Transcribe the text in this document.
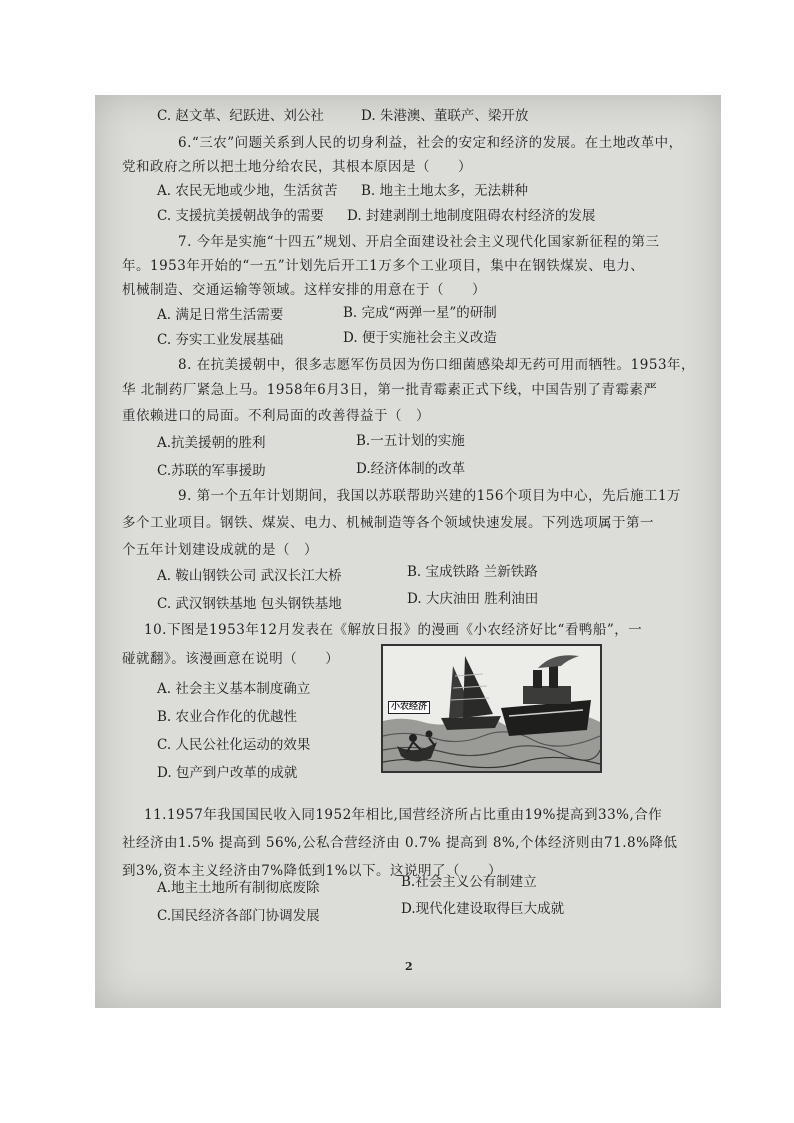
C. 赵文革、纪跃进、刘公社	D. 朱港澳、董联产、梁开放
6.“三农”问题关系到人民的切身利益，社会的安定和经济的发展。在土地改革中，
党和政府之所以把土地分给农民，其根本原因是（　　）
A. 农民无地或少地，生活贫苦 B. 地主土地太多，无法耕种
C. 支援抗美援朝战争的需要 D. 封建剥削土地制度阻碍农村经济的发展
7. 今年是实施“十四五”规划、开启全面建设社会主义现代化国家新征程的第三
年。1953年开始的“一五”计划先后开工1万多个工业项目，集中在钢铁煤炭、电力、
机械制造、交通运输等领域。这样安排的用意在于（　　）
A. 满足日常生活需要	B. 完成“两弹一星”的研制
C. 夯实工业发展基础	D. 便于实施社会主义改造
8. 在抗美援朝中，很多志愿军伤员因为伤口细菌感染却无药可用而牺牲。1953年，
华 北制药厂紧急上马。1958年6月3日，第一批青霉素正式下线，中国告别了青霉素严
重依赖进口的局面。不利局面的改善得益于（　）
A.抗美援朝的胜利	B.一五计划的实施
C.苏联的军事援助	D.经济体制的改革
9. 第一个五年计划期间，我国以苏联帮助兴建的156个项目为中心，先后施工1万
多个工业项目。钢铁、煤炭、电力、机械制造等各个领域快速发展。下列选项属于第一
个五年计划建设成就的是（　）
A. 鞍山钢铁公司 武汉长江大桥	B. 宝成铁路 兰新铁路
C. 武汉钢铁基地 包头钢铁基地	D. 大庆油田 胜利油田
10.下图是1953年12月发表在《解放日报》的漫画《小农经济好比“看鸭船”，一
碰就翻》。该漫画意在说明（　　）
A. 社会主义基本制度确立
B. 农业合作化的优越性
C. 人民公社化运动的效果
D. 包产到户改革的成就
小农经济
11.1957年我国国民收入同1952年相比,国营经济所占比重由19%提高到33%,合作
社经济由1.5% 提高到 56%,公私合营经济由 0.7% 提高到 8%,个体经济则由71.8%降低
到3%,资本主义经济由7%降低到1%以下。这说明了（　　）
A.地主土地所有制彻底废除	B.社会主义公有制建立
C.国民经济各部门协调发展	D.现代化建设取得巨大成就
2
